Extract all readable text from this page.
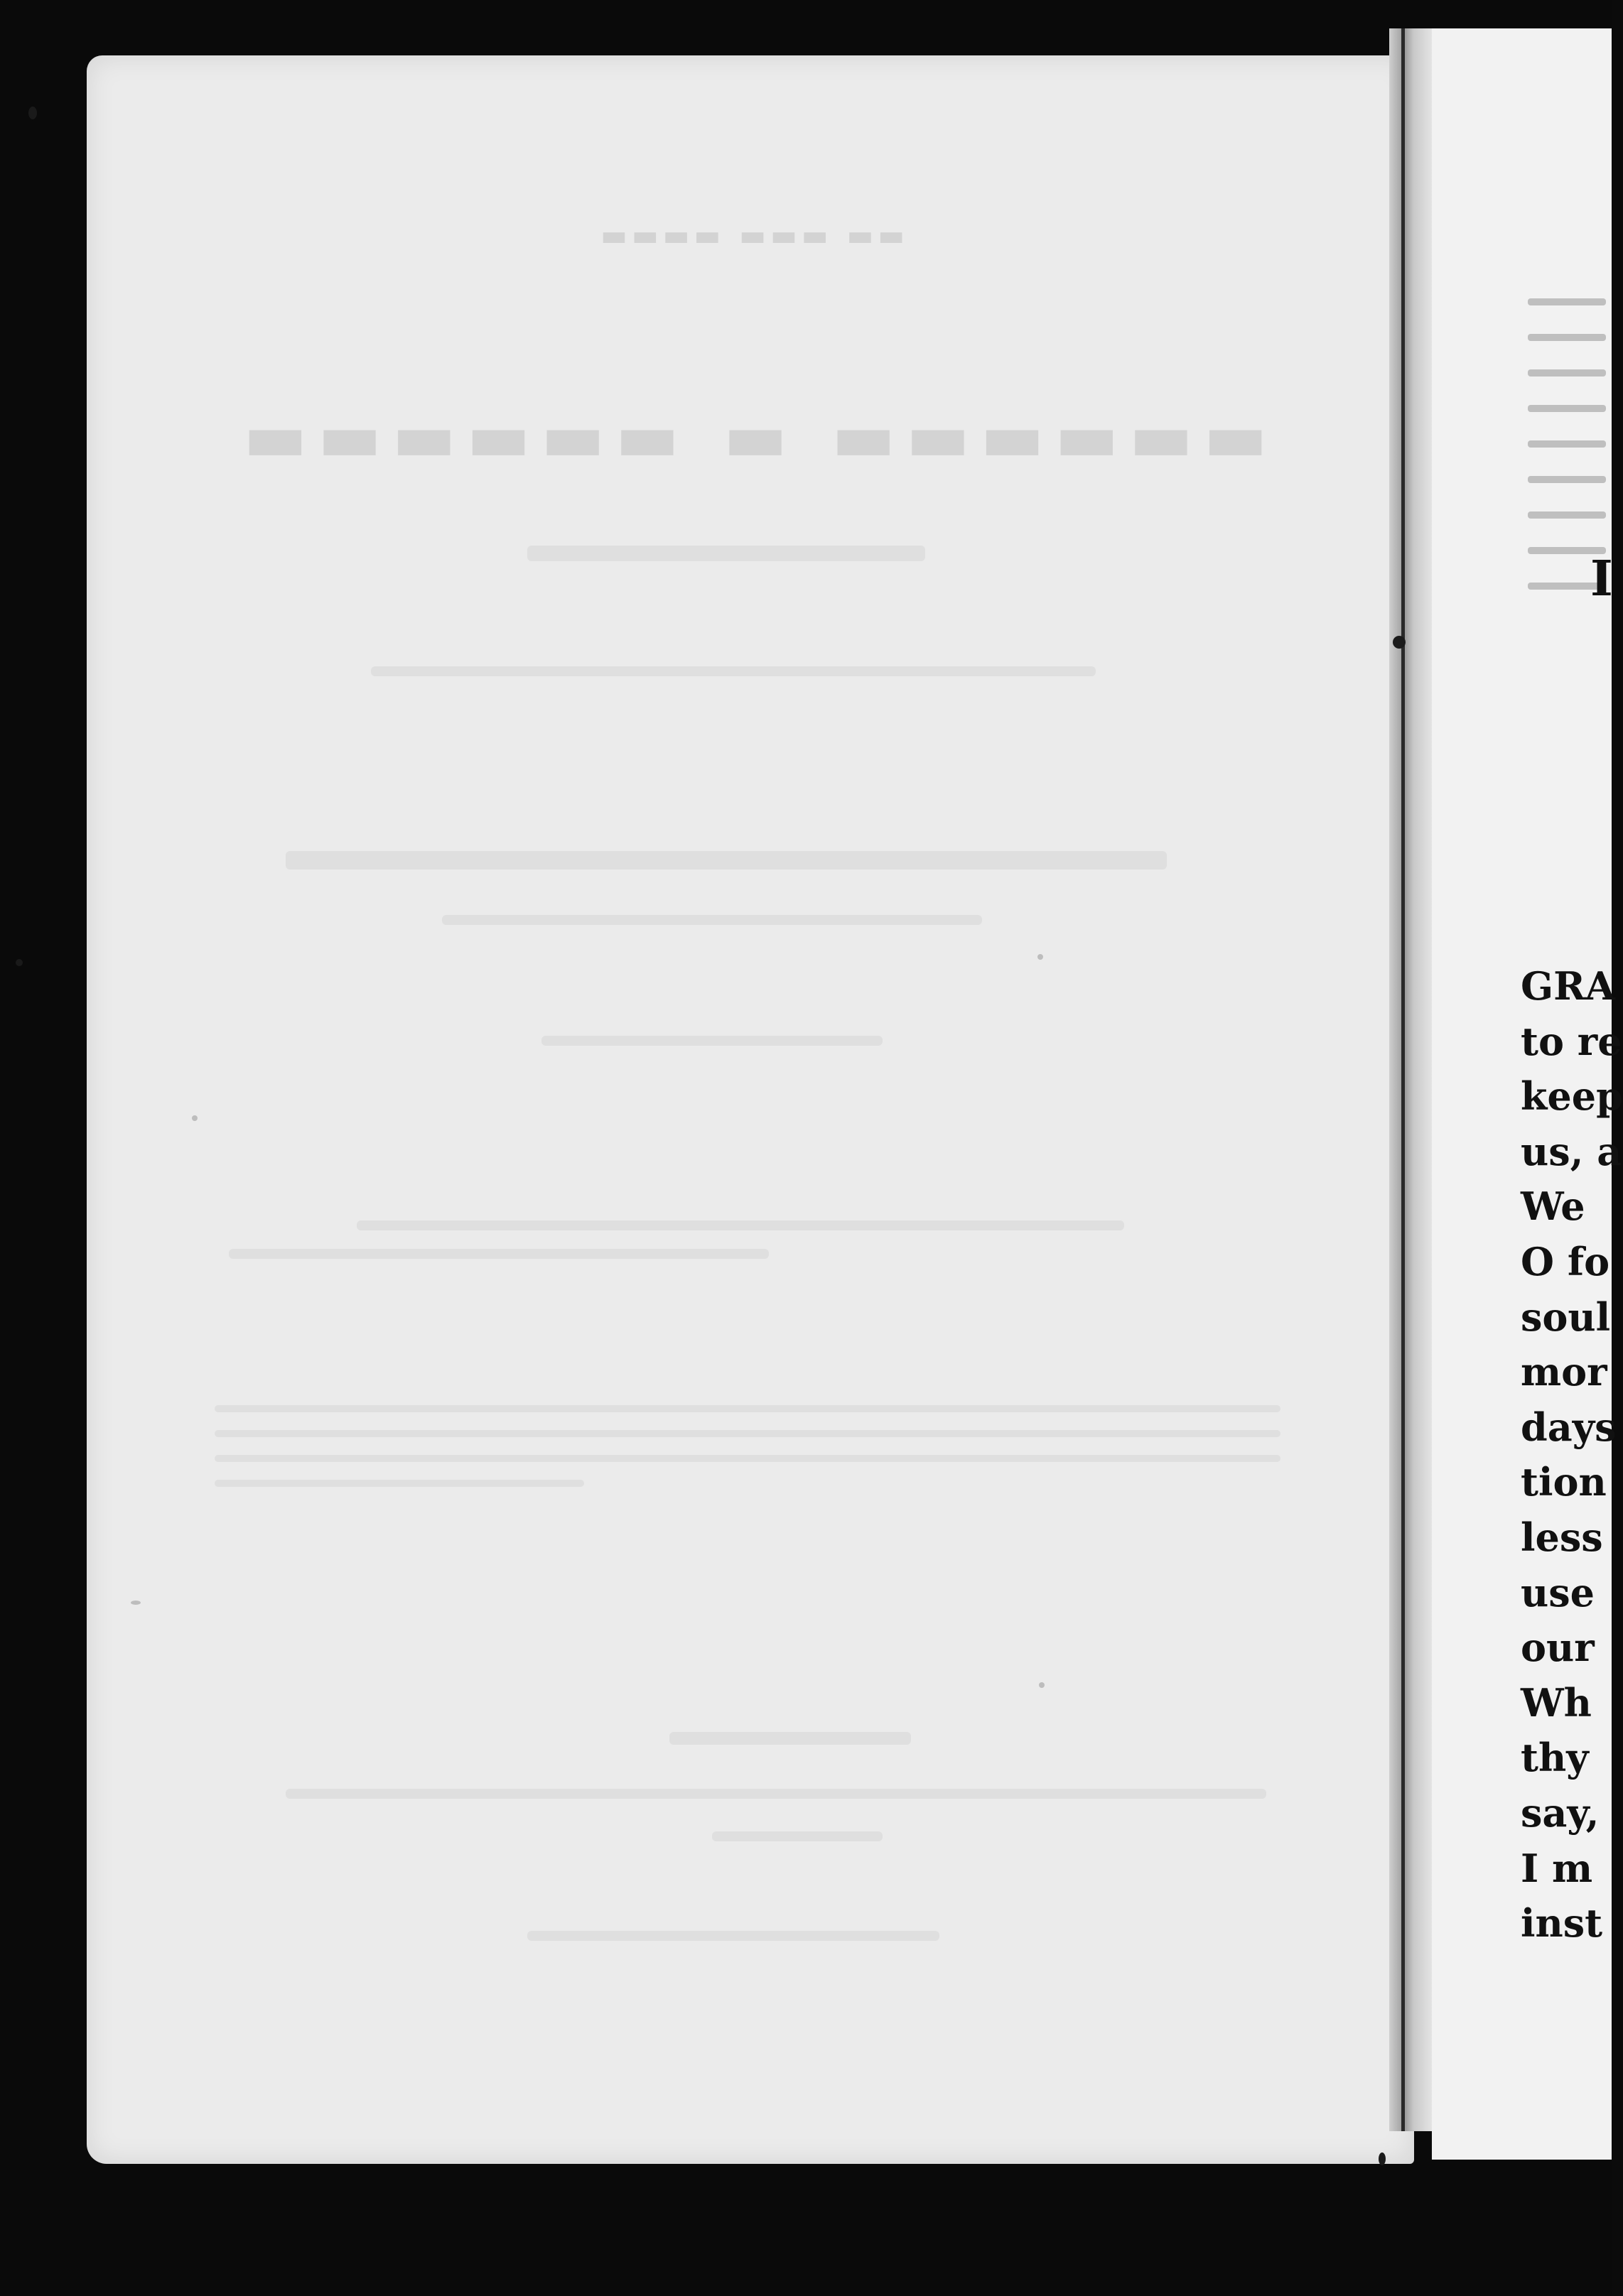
▬▬ ▬▬▬ ▬▬▬▬
▬▬▬▬▬▬ ▬ ▬▬▬▬▬▬
I
GRA
to re
keep
us, a
We
O fo
soul
mor
days
tion
less
use
our
Wh
thy
say,
I m
inst
